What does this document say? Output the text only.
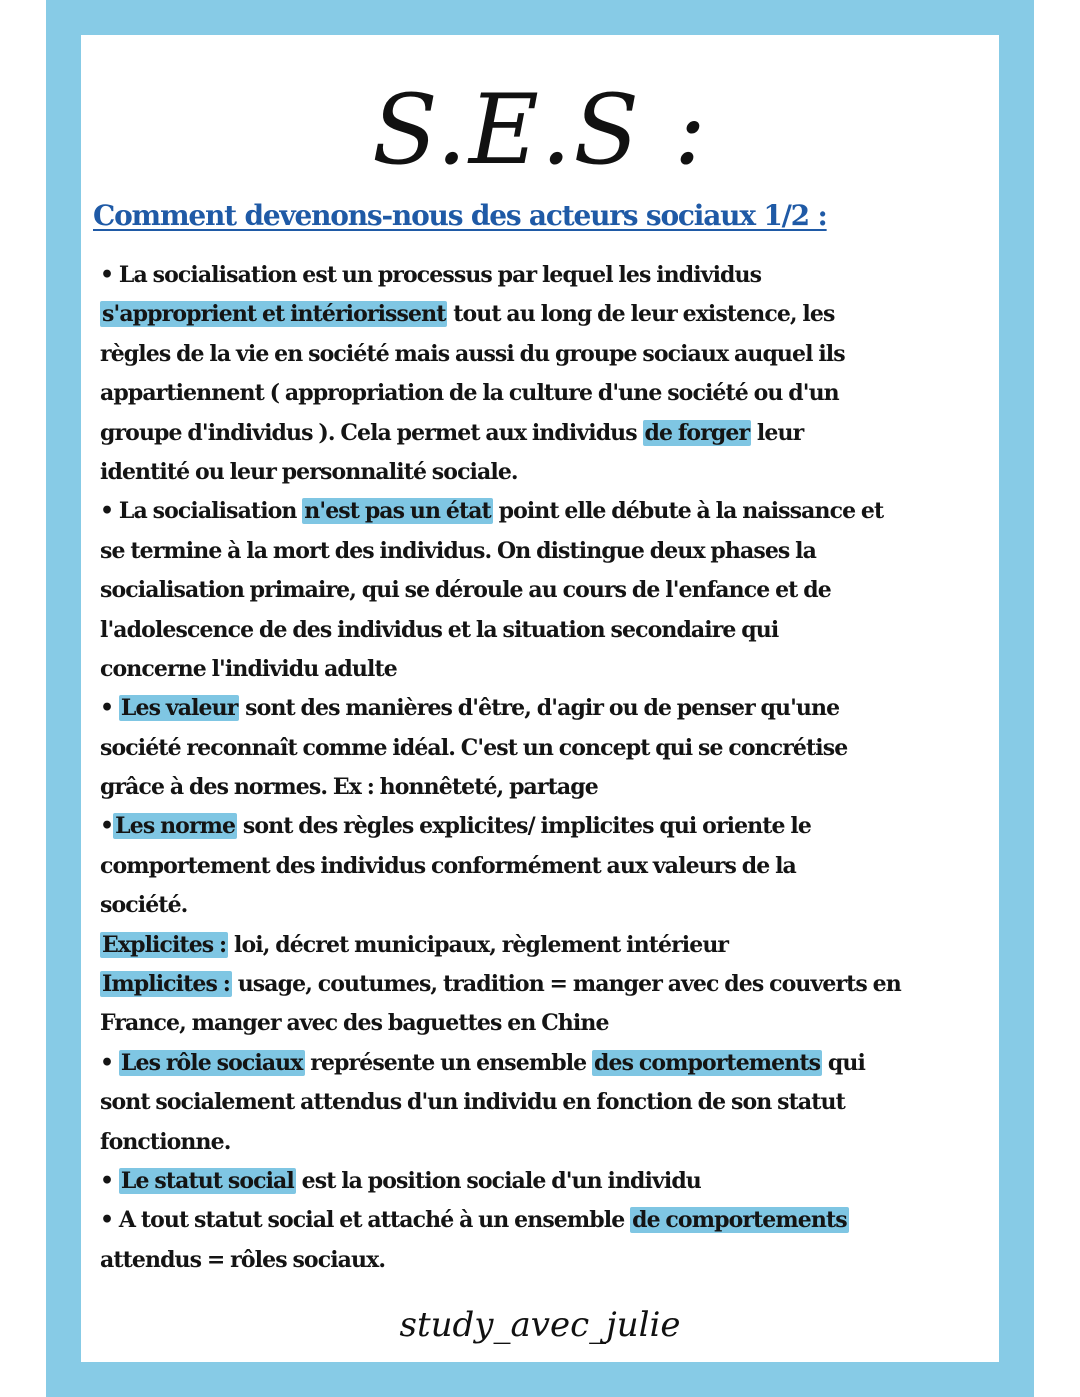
S.E.S :
Comment devenons-nous des acteurs sociaux 1/2 :
• La socialisation est un processus par lequel les individus
s'approprient et intériorissent tout au long de leur existence, les
règles de la vie en société mais aussi du groupe sociaux auquel ils
appartiennent ( appropriation de la culture d'une société ou d'un
groupe d'individus ). Cela permet aux individus de forger leur
identité ou leur personnalité sociale.
• La socialisation n'est pas un état point elle débute à la naissance et
se termine à la mort des individus. On distingue deux phases la
socialisation primaire, qui se déroule au cours de l'enfance et de
l'adolescence de des individus et la situation secondaire qui
concerne l'individu adulte
• Les valeur sont des manières d'être, d'agir ou de penser qu'une
société reconnaît comme idéal. C'est un concept qui se concrétise
grâce à des normes. Ex : honnêteté, partage
•Les norme sont des règles explicites/ implicites qui oriente le
comportement des individus conformément aux valeurs de la
société.
Explicites : loi, décret municipaux, règlement intérieur
Implicites : usage, coutumes, tradition = manger avec des couverts en
France, manger avec des baguettes en Chine
• Les rôle sociaux représente un ensemble des comportements qui
sont socialement attendus d'un individu en fonction de son statut
fonctionne.
• Le statut social est la position sociale d'un individu
• A tout statut social et attaché à un ensemble de comportements
attendus = rôles sociaux.
study_avec_julie
